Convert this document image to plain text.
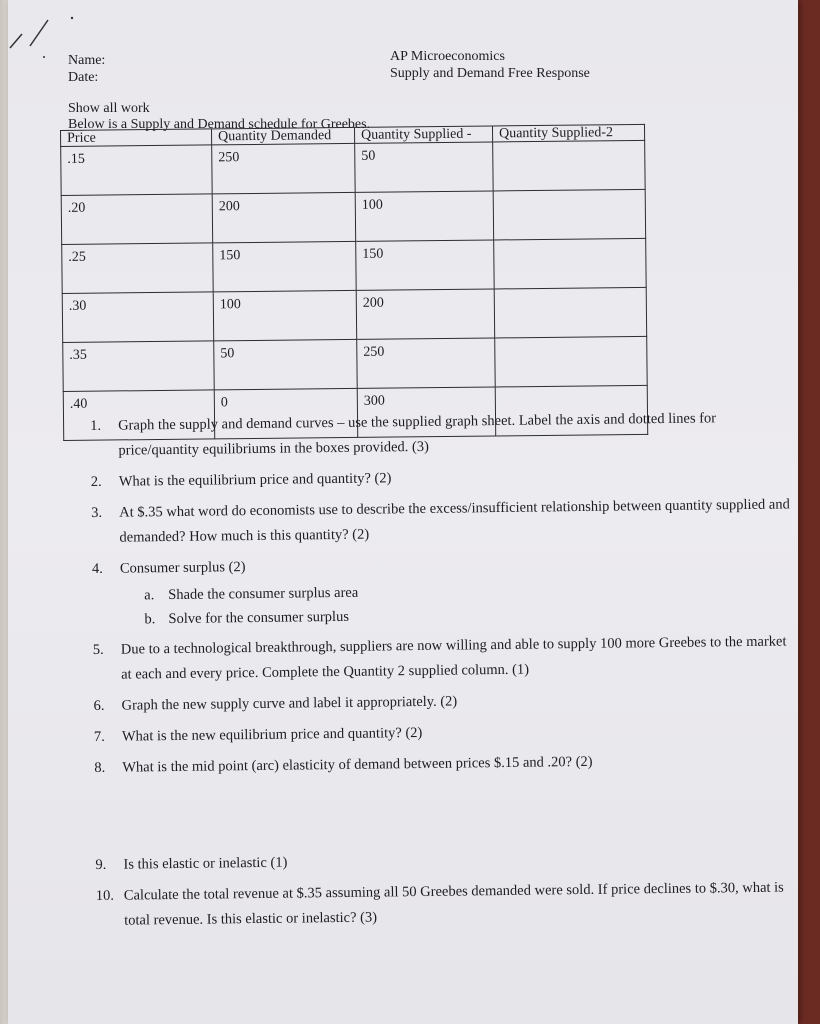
Name:
Date:
AP Microeconomics
Supply and Demand Free Response
Show all work
Below is a Supply and Demand schedule for Greebes.
Price	Quantity Demanded	Quantity Supplied -	Quantity Supplied-2
.15	250	50	
.20	200	100	
.25	150	150	
.30	100	200	
.35	50	250	
.40	0	300	
1. Graph the supply and demand curves – use the supplied graph sheet. Label the axis and dotted lines for price/quantity equilibriums in the boxes provided. (3)
2. What is the equilibrium price and quantity? (2)
3. At $.35 what word do economists use to describe the excess/insufficient relationship between quantity supplied and demanded? How much is this quantity? (2)
4. Consumer surplus (2)
a. Shade the consumer surplus area
b. Solve for the consumer surplus
5. Due to a technological breakthrough, suppliers are now willing and able to supply 100 more Greebes to the market at each and every price. Complete the Quantity 2 supplied column. (1)
6. Graph the new supply curve and label it appropriately. (2)
7. What is the new equilibrium price and quantity? (2)
8. What is the mid point (arc) elasticity of demand between prices $.15 and .20? (2)
9. Is this elastic or inelastic (1)
10. Calculate the total revenue at $.35 assuming all 50 Greebes demanded were sold. If price declines to $.30, what is total revenue. Is this elastic or inelastic? (3)
